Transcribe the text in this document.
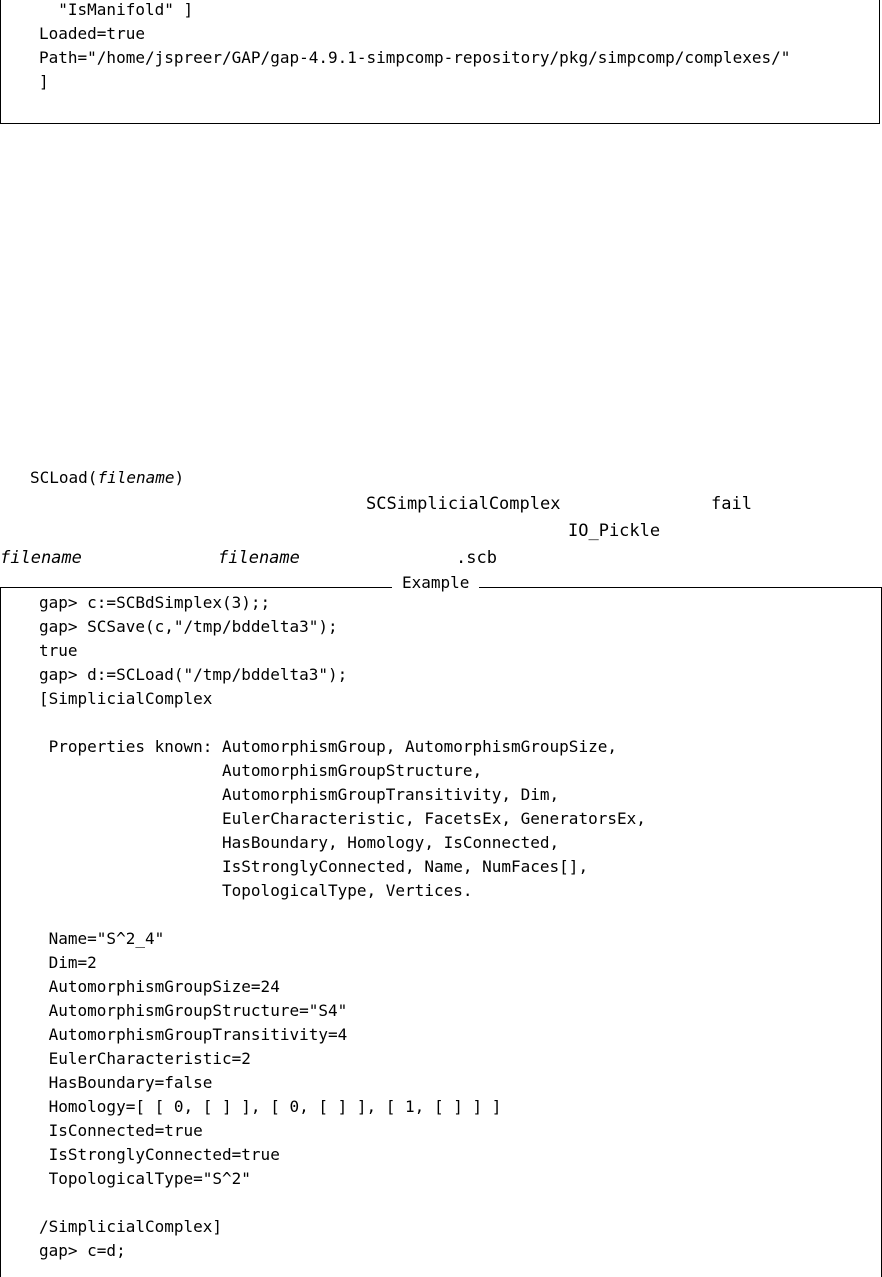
"IsManifold" ]
Loaded=true
Path="/home/jspreer/GAP/gap-4.9.1-simpcomp-repository/pkg/simpcomp/complexes/"
]
SCLoad(filename)
SCSimplicialComplex	fail
IO_Pickle
filename	filename	.scb
Example
gap> c:=SCBdSimplex(3);;
gap> SCSave(c,"/tmp/bddelta3");
true
gap> d:=SCLoad("/tmp/bddelta3");
[SimplicialComplex
Properties known: AutomorphismGroup, AutomorphismGroupSize,
AutomorphismGroupStructure,
AutomorphismGroupTransitivity, Dim,
EulerCharacteristic, FacetsEx, GeneratorsEx,
HasBoundary, Homology, IsConnected,
IsStronglyConnected, Name, NumFaces[],
TopologicalType, Vertices.
Name="S^2_4"
Dim=2
AutomorphismGroupSize=24
AutomorphismGroupStructure="S4"
AutomorphismGroupTransitivity=4
EulerCharacteristic=2
HasBoundary=false
Homology=[ [ 0, [ ] ], [ 0, [ ] ], [ 1, [ ] ] ]
IsConnected=true
IsStronglyConnected=true
TopologicalType="S^2"
/SimplicialComplex]
gap> c=d;
